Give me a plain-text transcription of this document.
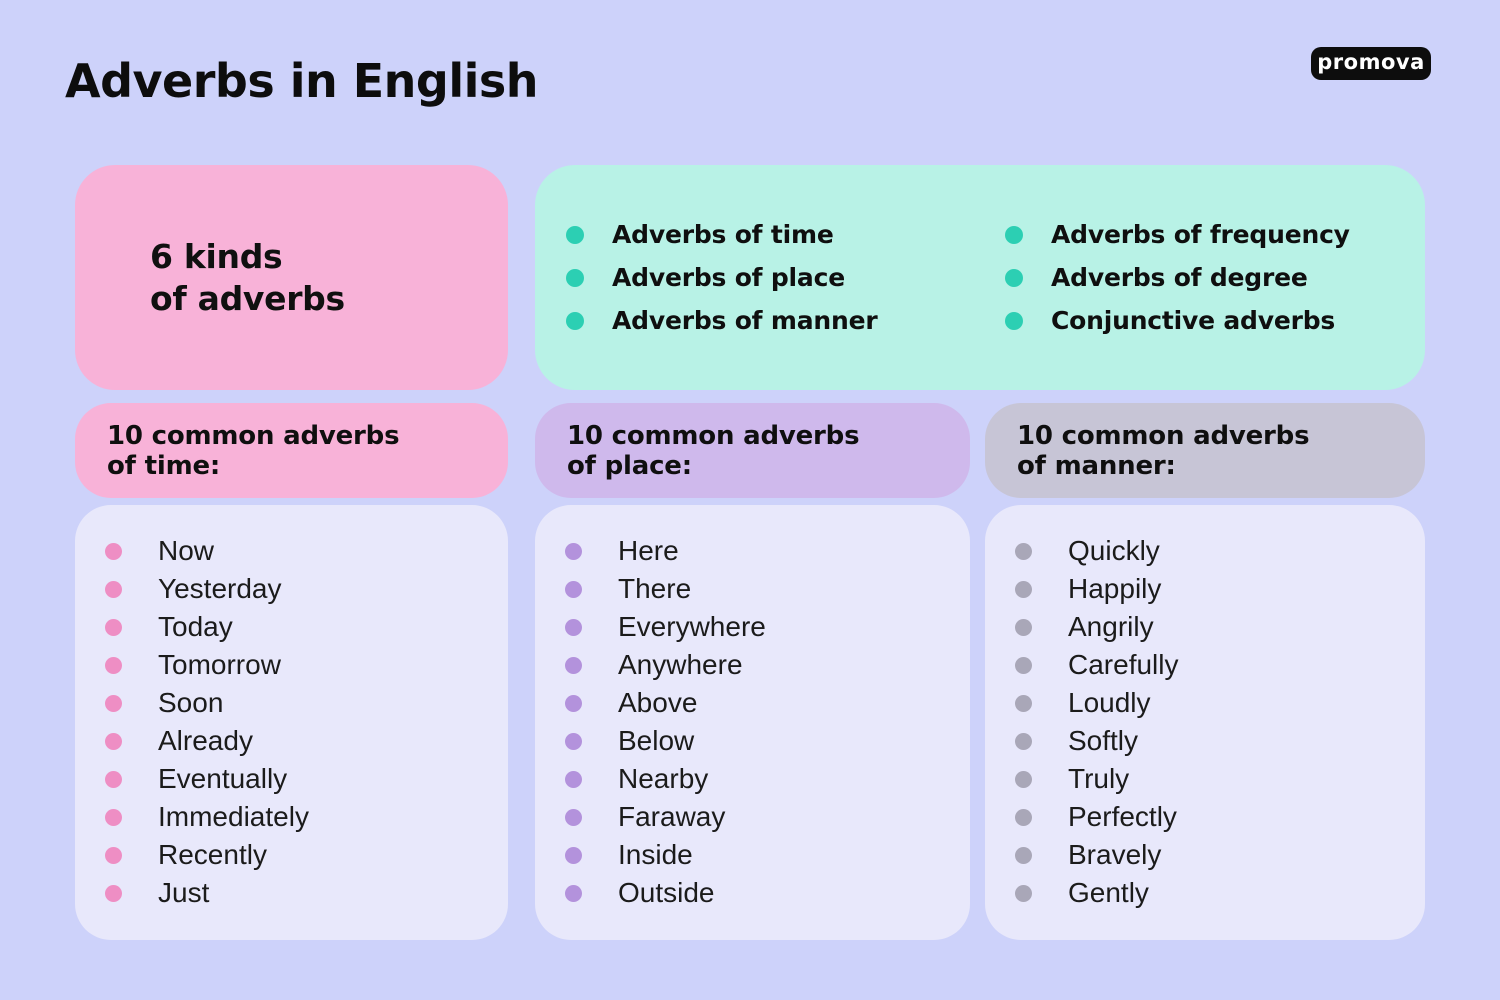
Adverbs in English	promova
6 kinds
of adverbs
Adverbs of time
Adverbs of place
Adverbs of manner
Adverbs of frequency
Adverbs of degree
Conjunctive adverbs
10 common adverbs
of time:
10 common adverbs
of place:
10 common adverbs
of manner:
Now
Yesterday
Today
Tomorrow
Soon
Already
Eventually
Immediately
Recently
Just
Here
There
Everywhere
Anywhere
Above
Below
Nearby
Faraway
Inside
Outside
Quickly
Happily
Angrily
Carefully
Loudly
Softly
Truly
Perfectly
Bravely
Gently
